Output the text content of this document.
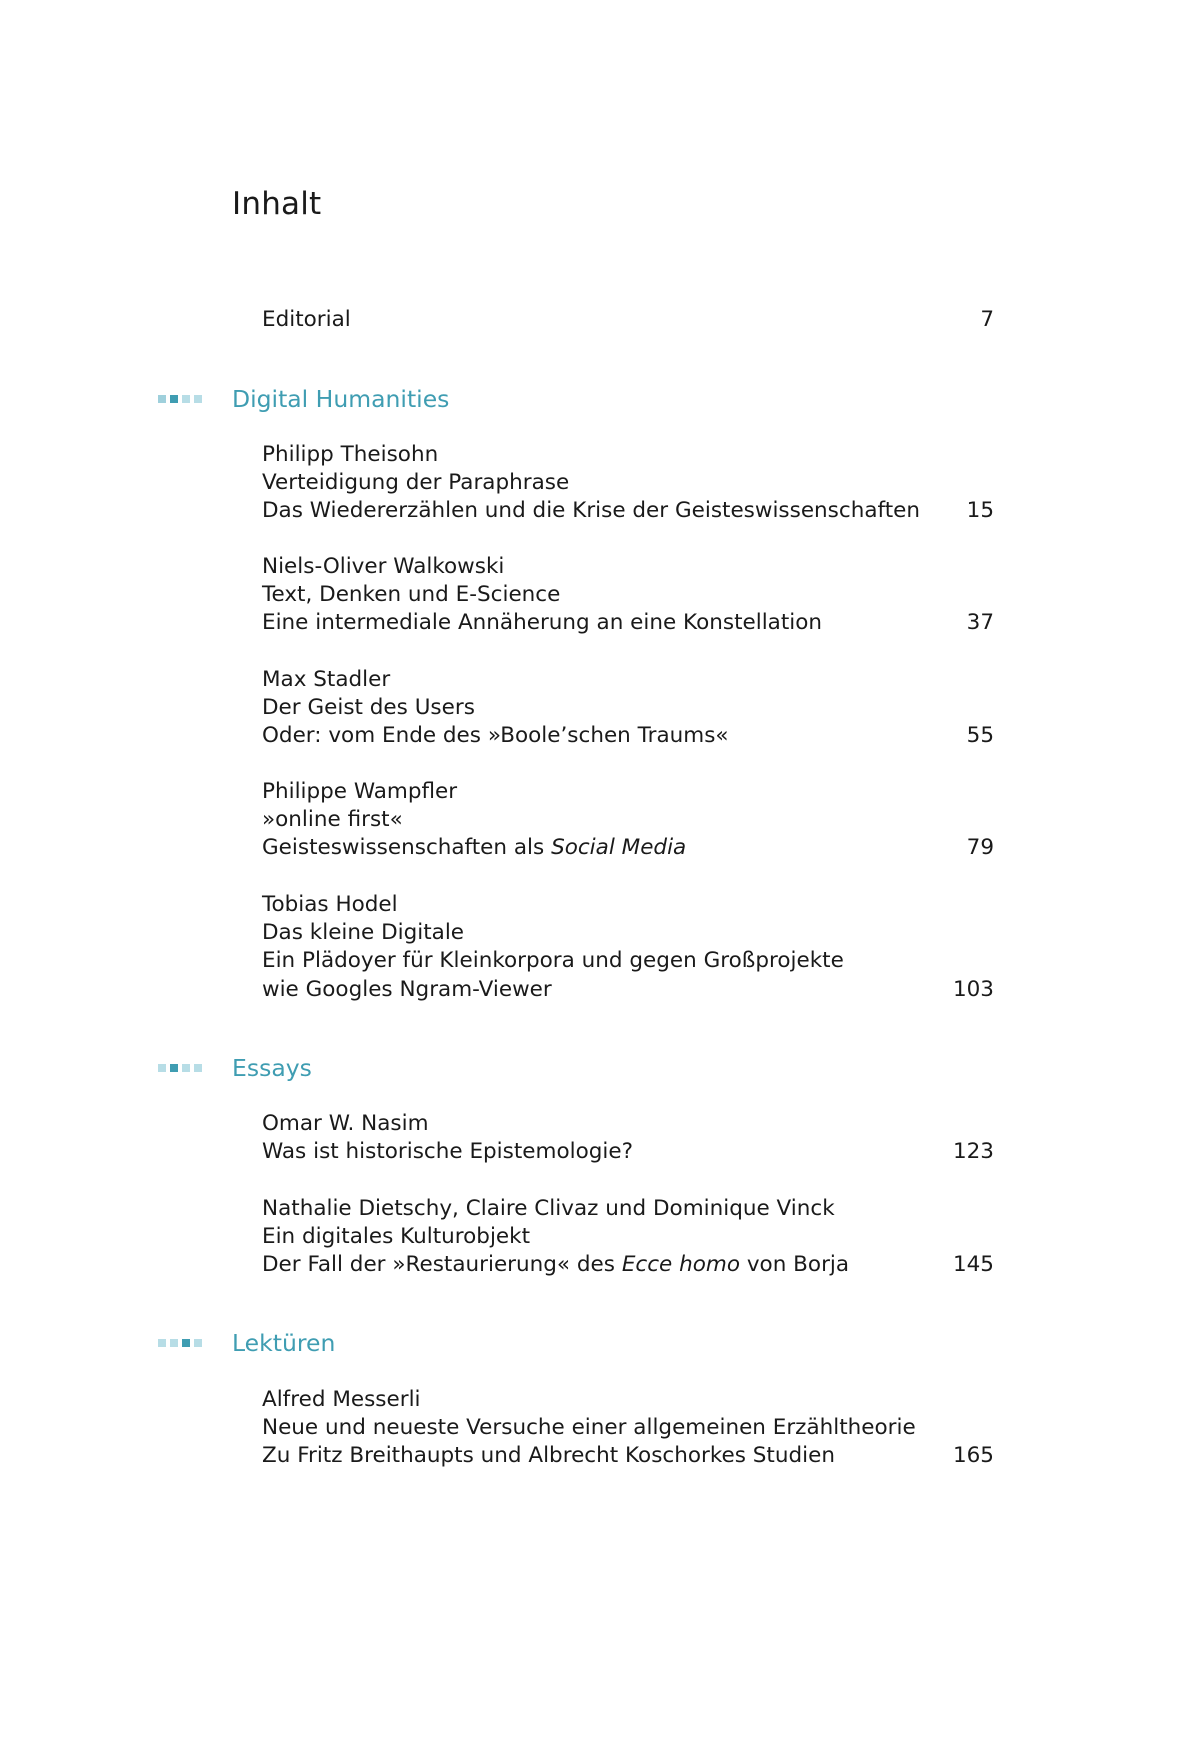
Inhalt
Editorial	7
Digital Humanities
Philipp Theisohn
Verteidigung der Paraphrase
Das Wiedererzählen und die Krise der Geisteswissenschaften 15
Niels-Oliver Walkowski
Text, Denken und E-Science
Eine intermediale Annäherung an eine Konstellation	37
Max Stadler
Der Geist des Users
Oder: vom Ende des »Boole’schen Traums«	55
Philippe Wampfler
»online first«
Geisteswissenschaften als Social Media	79
Tobias Hodel
Das kleine Digitale
Ein Plädoyer für Kleinkorpora und gegen Großprojekte
wie Googles Ngram-Viewer	103
Essays
Omar W. Nasim
Was ist historische Epistemologie?	123
Nathalie Dietschy, Claire Clivaz und Dominique Vinck
Ein digitales Kulturobjekt
Der Fall der »Restaurierung« des Ecce homo von Borja	145
Lektüren
Alfred Messerli
Neue und neueste Versuche einer allgemeinen Erzähltheorie
Zu Fritz Breithaupts und Albrecht Koschorkes Studien	165
